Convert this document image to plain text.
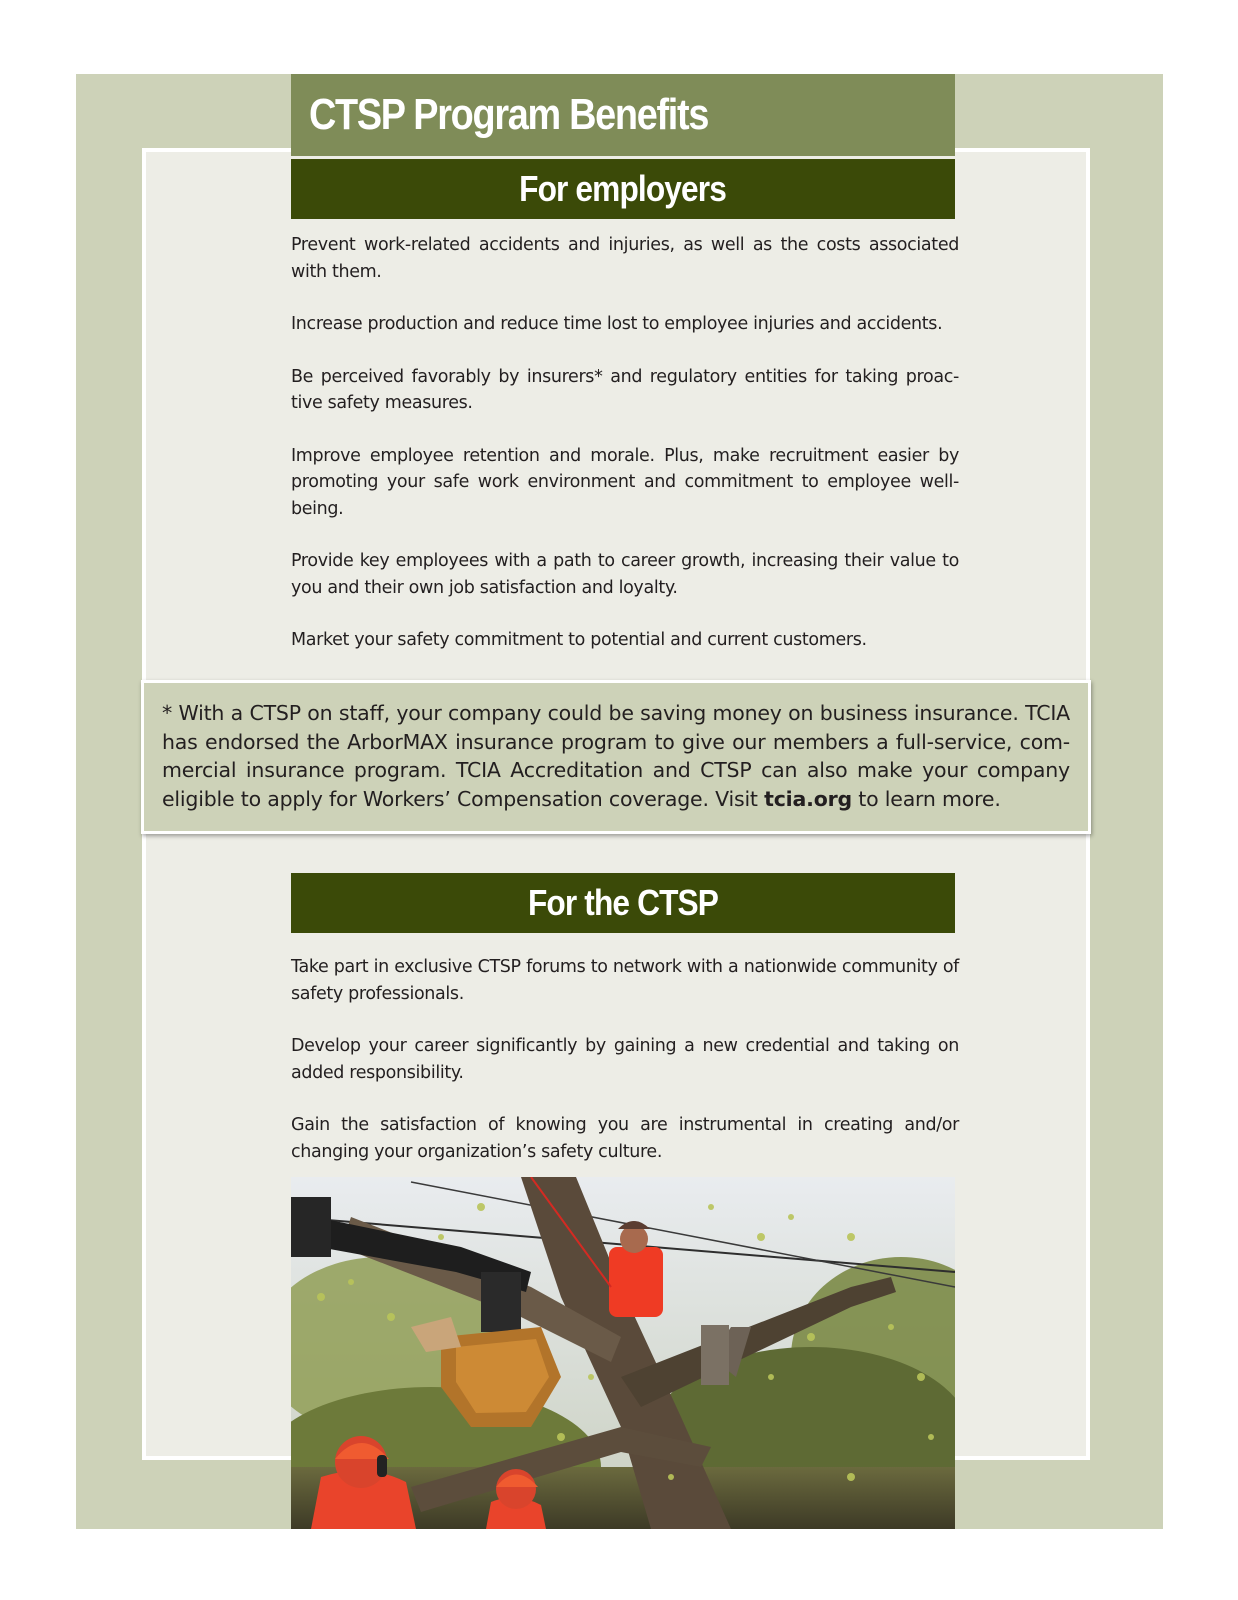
CTSP Program Benefits
For employers
Prevent work-related accidents and injuries, as well as the costs associated with them.
Increase production and reduce time lost to employee injuries and accidents.
Be perceived favorably by insurers* and regulatory entities for taking proac-tive safety measures.
Improve employee retention and morale. Plus, make recruitment easier by promoting your safe work environment and commitment to employee well-being.
Provide key employees with a path to career growth, increasing their value to you and their own job satisfaction and loyalty.
Market your safety commitment to potential and current customers.

* With a CTSP on staff, your company could be saving money on business insurance. TCIA has endorsed the ArborMAX insurance program to give our members a full-service, com-mercial insurance program. TCIA Accreditation and CTSP can also make your company eligible to apply for Workers’ Compensation coverage. Visit tcia.org to learn more.

For the CTSP
Take part in exclusive CTSP forums to network with a nationwide community of safety professionals.
Develop your career significantly by gaining a new credential and taking on added responsibility.
Gain the satisfaction of knowing you are instrumental in creating and/or changing your organization’s safety culture.
